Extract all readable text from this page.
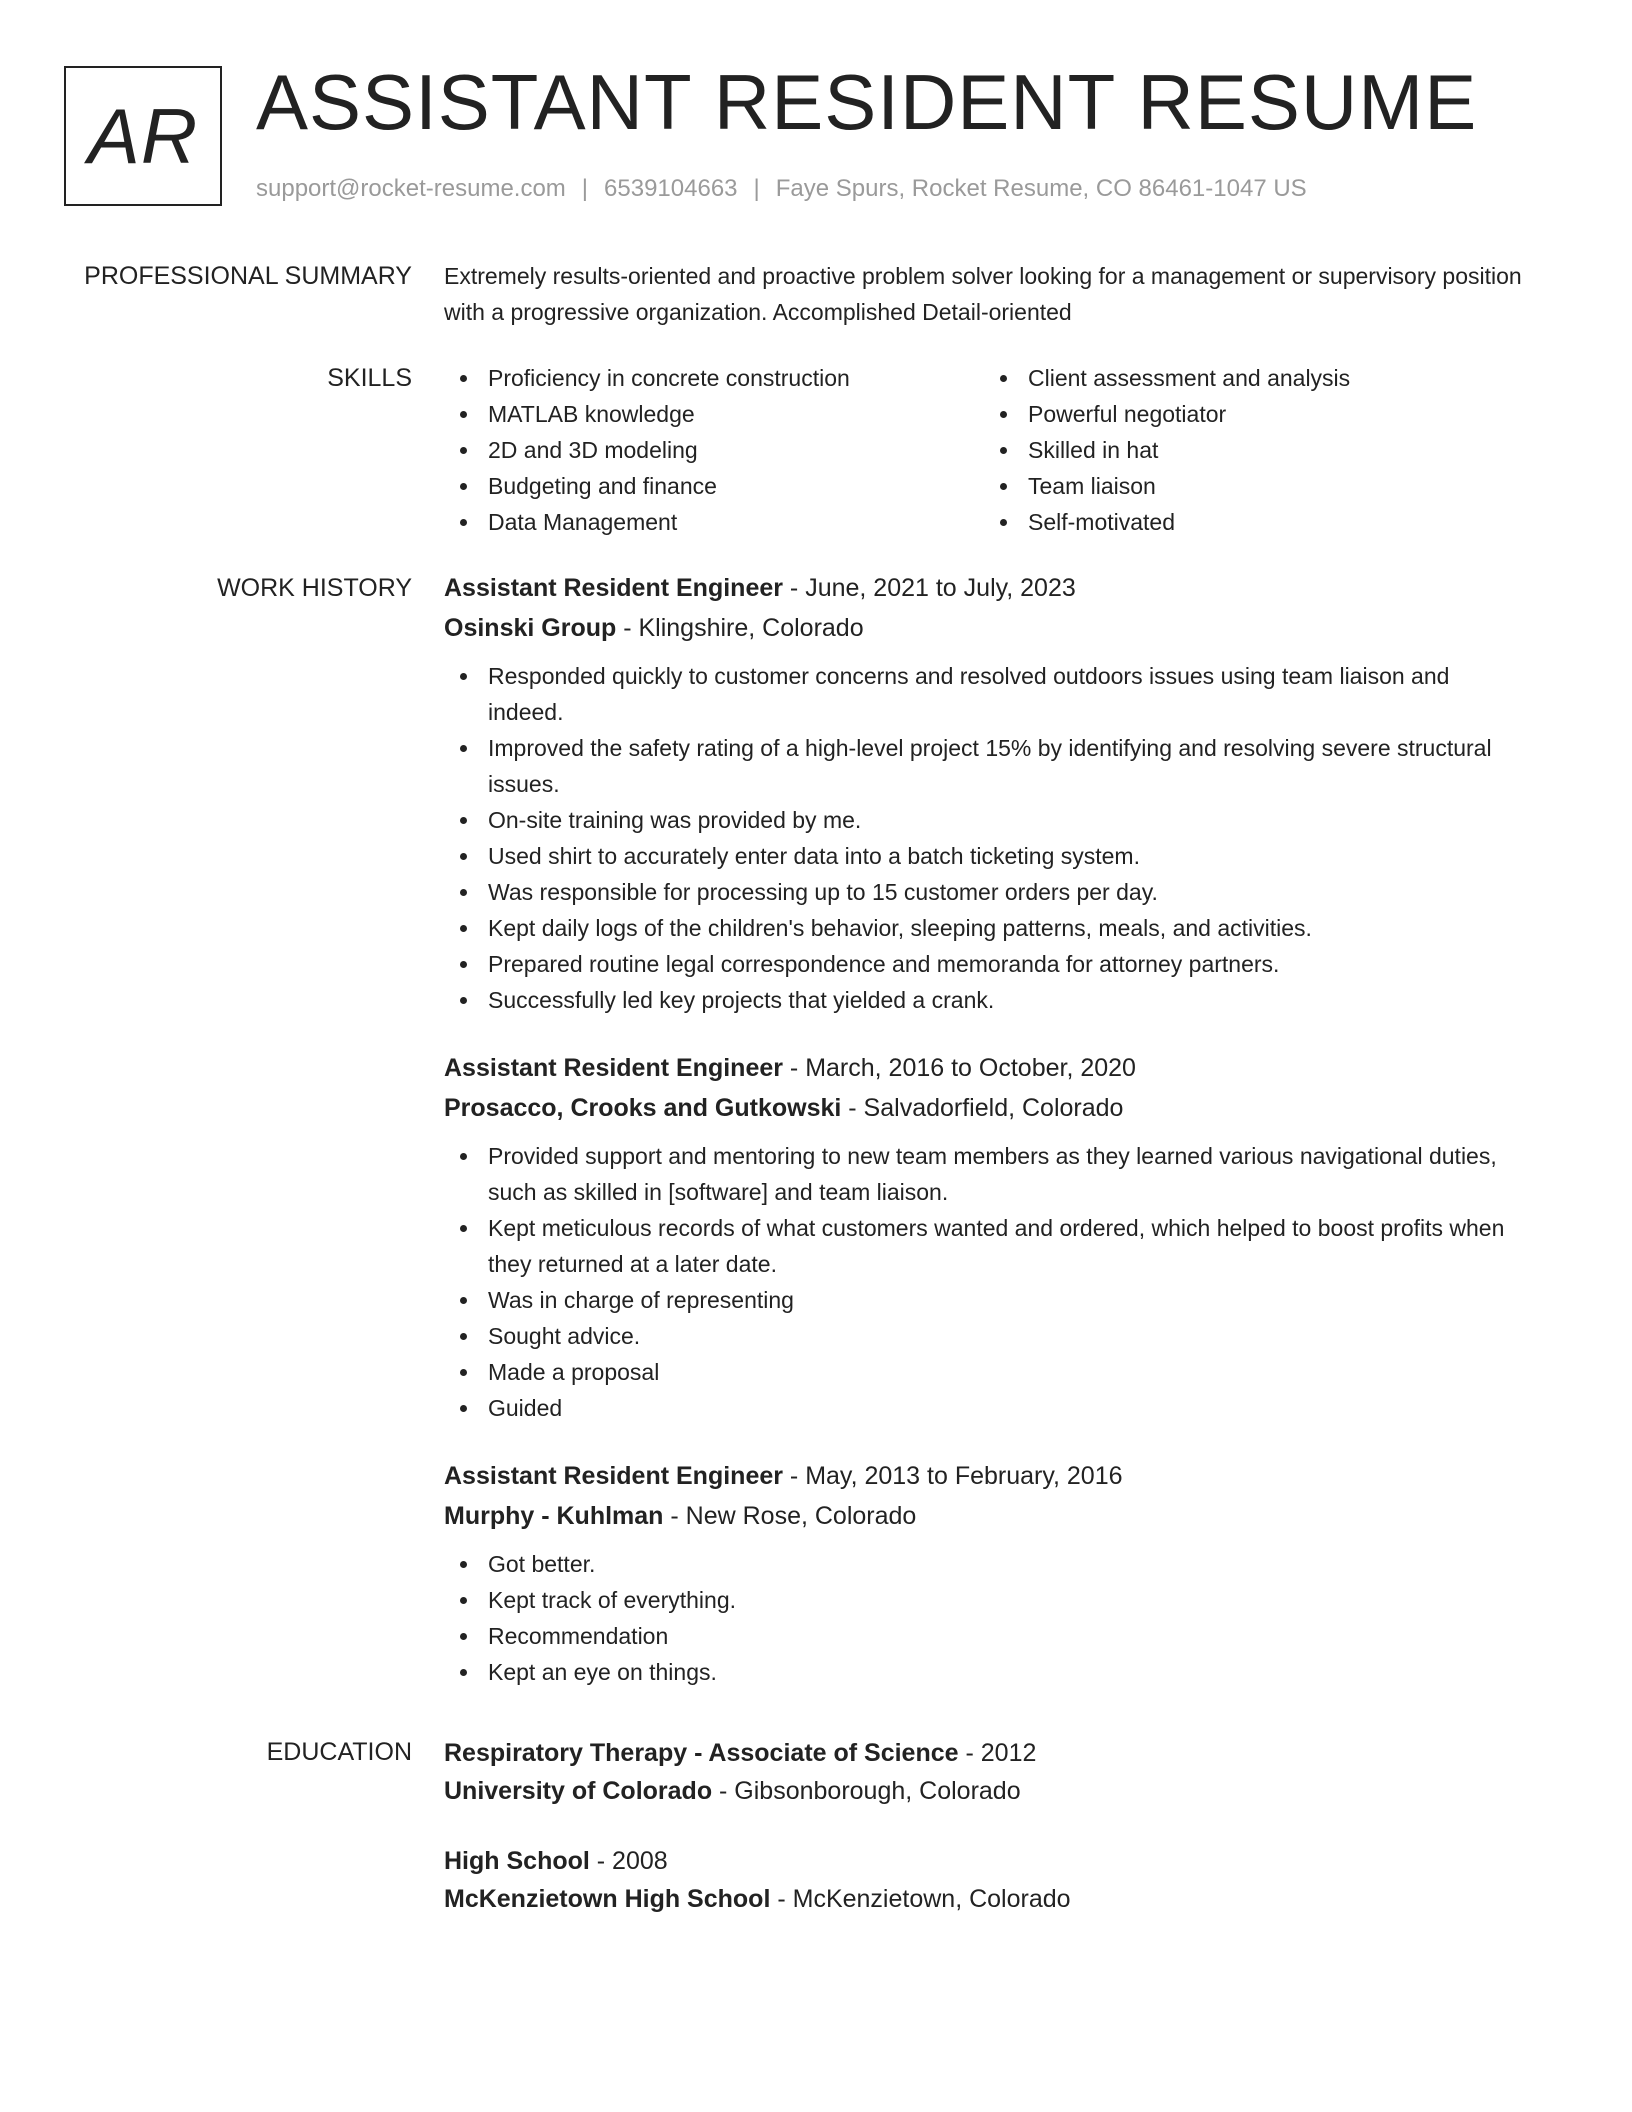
AR ASSISTANT RESIDENT RESUME
support@rocket-resume.com | 6539104663 | Faye Spurs, Rocket Resume, CO 86461-1047 US
PROFESSIONAL SUMMARY Extremely results-oriented and proactive problem solver looking for a management or supervisory position with a progressive organization. Accomplished Detail-oriented

SKILLS	Proficiency in concrete construction
MATLAB knowledge
2D and 3D modeling
Budgeting and finance
Data Management
Client assessment and analysis
Powerful negotiator
Skilled in hat
Team liaison
Self-motivated
WORK HISTORY Assistant Resident Engineer - June, 2021 to July, 2023
Osinski Group - Klingshire, Colorado
Responded quickly to customer concerns and resolved outdoors issues using team liaison and indeed.
Improved the safety rating of a high-level project 15% by identifying and resolving severe structural issues.
On-site training was provided by me.
Used shirt to accurately enter data into a batch ticketing system.
Was responsible for processing up to 15 customer orders per day.
Kept daily logs of the children's behavior, sleeping patterns, meals, and activities.
Prepared routine legal correspondence and memoranda for attorney partners.
Successfully led key projects that yielded a crank.
Assistant Resident Engineer - March, 2016 to October, 2020
Prosacco, Crooks and Gutkowski - Salvadorfield, Colorado
Provided support and mentoring to new team members as they learned various navigational duties, such as skilled in [software] and team liaison.
Kept meticulous records of what customers wanted and ordered, which helped to boost profits when they returned at a later date.
Was in charge of representing
Sought advice.
Made a proposal
Guided
Assistant Resident Engineer - May, 2013 to February, 2016
Murphy - Kuhlman - New Rose, Colorado
Got better.
Kept track of everything.
Recommendation
Kept an eye on things.
EDUCATION Respiratory Therapy - Associate of Science - 2012
University of Colorado - Gibsonborough, Colorado
High School - 2008
McKenzietown High School - McKenzietown, Colorado
